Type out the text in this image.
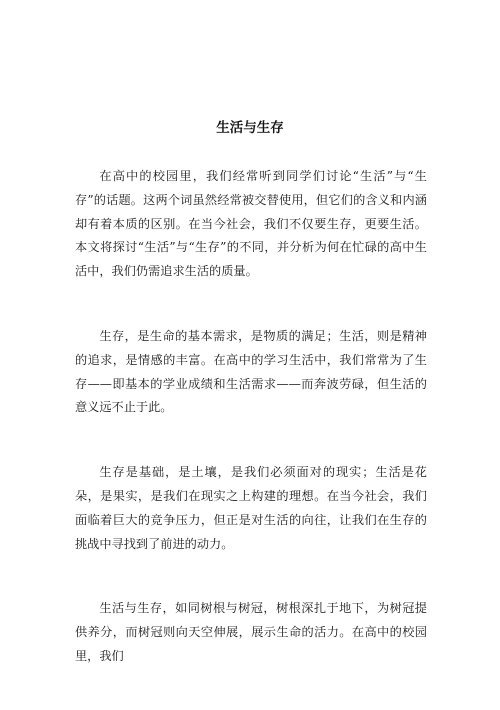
生活与生存

在高中的校园里，我们经常听到同学们讨论“生活”与“生存”的话题。这两个词虽然经常被交替使用，但它们的含义和内涵却有着本质的区别。在当今社会，我们不仅要生存，更要生活。本文将探讨“生活”与“生存”的不同，并分析为何在忙碌的高中生活中，我们仍需追求生活的质量。

生存，是生命的基本需求，是物质的满足；生活，则是精神的追求，是情感的丰富。在高中的学习生活中，我们常常为了生存——即基本的学业成绩和生活需求——而奔波劳碌，但生活的意义远不止于此。

生存是基础，是土壤，是我们必须面对的现实；生活是花朵，是果实，是我们在现实之上构建的理想。在当今社会，我们面临着巨大的竞争压力，但正是对生活的向往，让我们在生存的挑战中寻找到了前进的动力。

生活与生存，如同树根与树冠，树根深扎于地下，为树冠提供养分，而树冠则向天空伸展，展示生命的活力。在高中的校园里，我们
